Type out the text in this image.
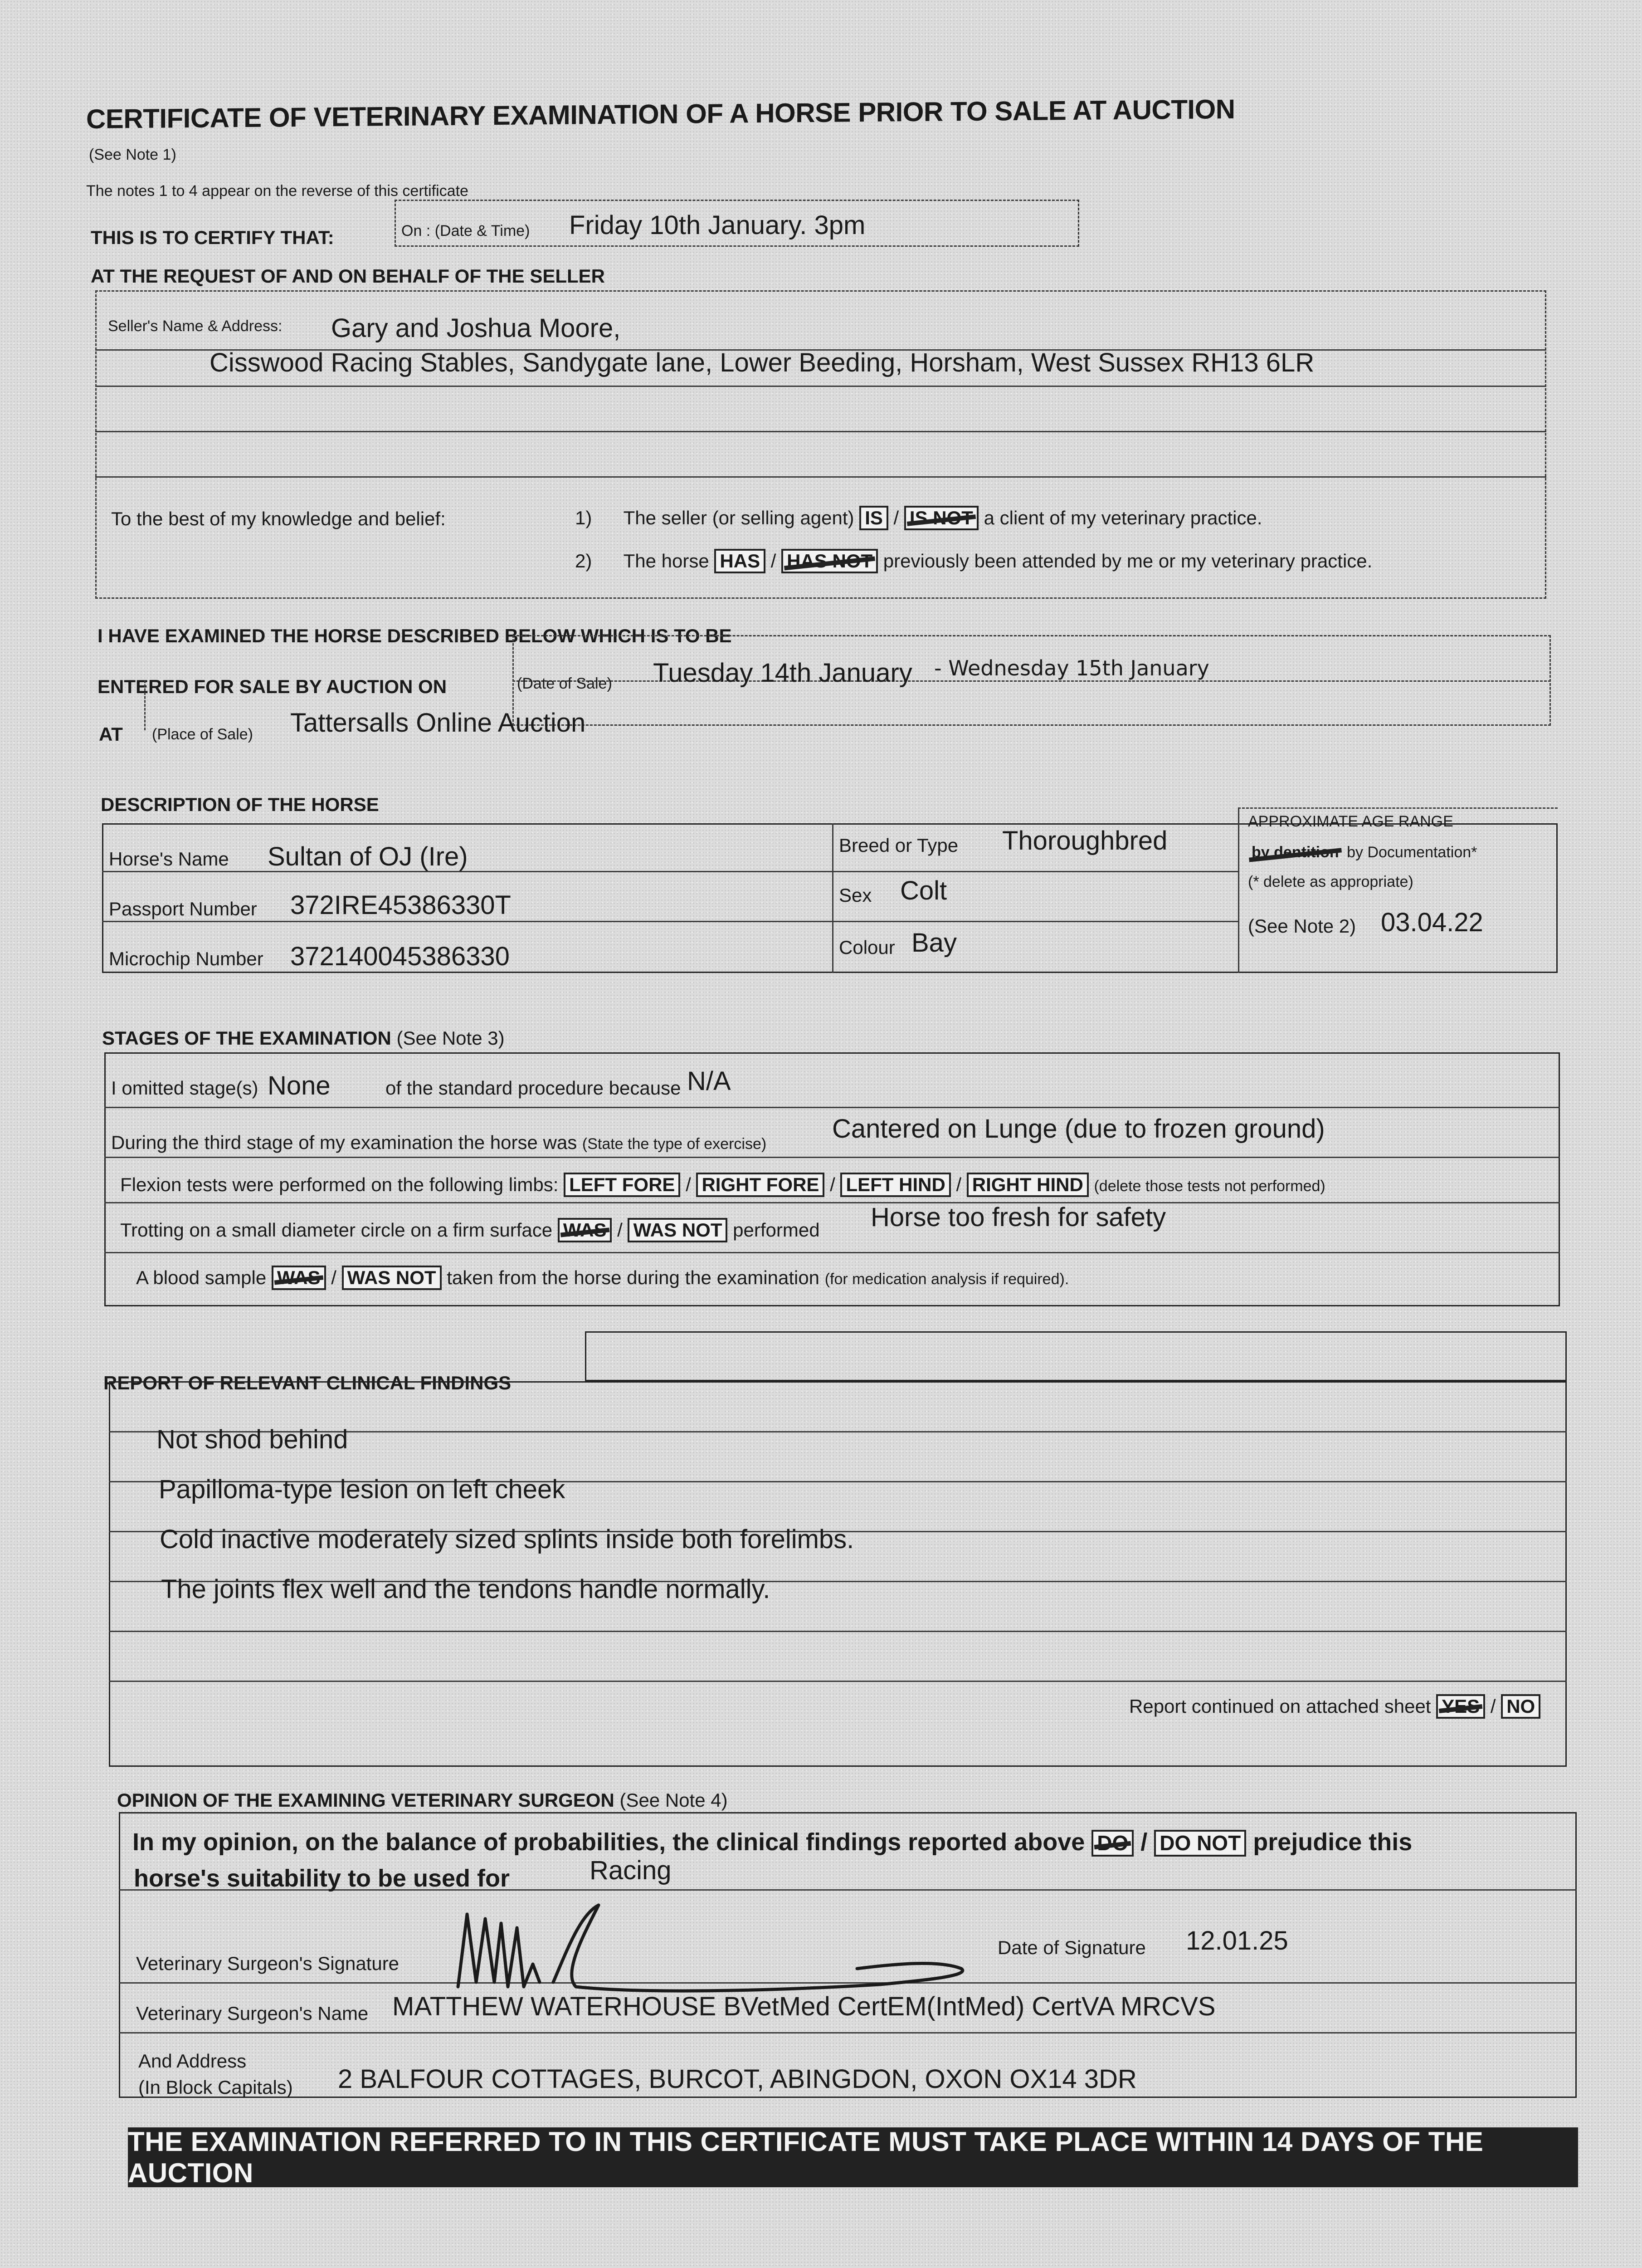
CERTIFICATE OF VETERINARY EXAMINATION OF A HORSE PRIOR TO SALE AT AUCTION
(See Note 1)
The notes 1 to 4 appear on the reverse of this certificate
THIS IS TO CERTIFY THAT:	On : (Date & Time) Friday 10th January. 3pm
AT THE REQUEST OF AND ON BEHALF OF THE SELLER
Seller's Name & Address: Gary and Joshua Moore,
Cisswood Racing Stables, Sandygate lane, Lower Beeding, Horsham, West Sussex RH13 6LR
To the best of my knowledge and belief:	1) The seller (or selling agent) IS / IS NOT a client of my veterinary practice.
2) The horse HAS / HAS NOT previously been attended by me or my veterinary practice.
I HAVE EXAMINED THE HORSE DESCRIBED BELOW WHICH IS TO BE
ENTERED FOR SALE BY AUCTION ON	(Date of Sale) Tuesday 14th January - Wednesday 15th January
AT (Place of Sale) Tattersalls Online Auction
DESCRIPTION OF THE HORSE
Horse's Name Sultan of OJ (Ire)
Passport Number 372IRE45386330T
Microchip Number 372140045386330
Breed or Type Thoroughbred
Sex Colt
Colour Bay
APPROXIMATE AGE RANGE
by dentition by Documentation*
(* delete as appropriate)
(See Note 2) 03.04.22
STAGES OF THE EXAMINATION (See Note 3)
I omitted stage(s) None	of the standard procedure because N/A
During the third stage of my examination the horse was (State the type of exercise)
Cantered on Lunge (due to frozen ground)
Flexion tests were performed on the following limbs: LEFT FORE / RIGHT FORE / LEFT HIND / RIGHT HIND (delete those tests not performed)
Trotting on a small diameter circle on a firm surface WAS / WAS NOT performed Horse too fresh for safety
A blood sample WAS / WAS NOT taken from the horse during the examination (for medication analysis if required).
REPORT OF RELEVANT CLINICAL FINDINGS
Not shod behind
Papilloma-type lesion on left cheek
Cold inactive moderately sized splints inside both forelimbs.
The joints flex well and the tendons handle normally.
Report continued on attached sheet YES / NO
OPINION OF THE EXAMINING VETERINARY SURGEON (See Note 4)
In my opinion, on the balance of probabilities, the clinical findings reported above DO / DO NOT prejudice this
horse's suitability to be used for	Racing
Veterinary Surgeon's Signature
Date of Signature 12.01.25
Veterinary Surgeon's Name MATTHEW WATERHOUSE BVetMed CertEM(IntMed) CertVA MRCVS
And Address
(In Block Capitals) 2 BALFOUR COTTAGES, BURCOT, ABINGDON, OXON OX14 3DR
THE EXAMINATION REFERRED TO IN THIS CERTIFICATE MUST TAKE PLACE WITHIN 14 DAYS OF THE AUCTION
